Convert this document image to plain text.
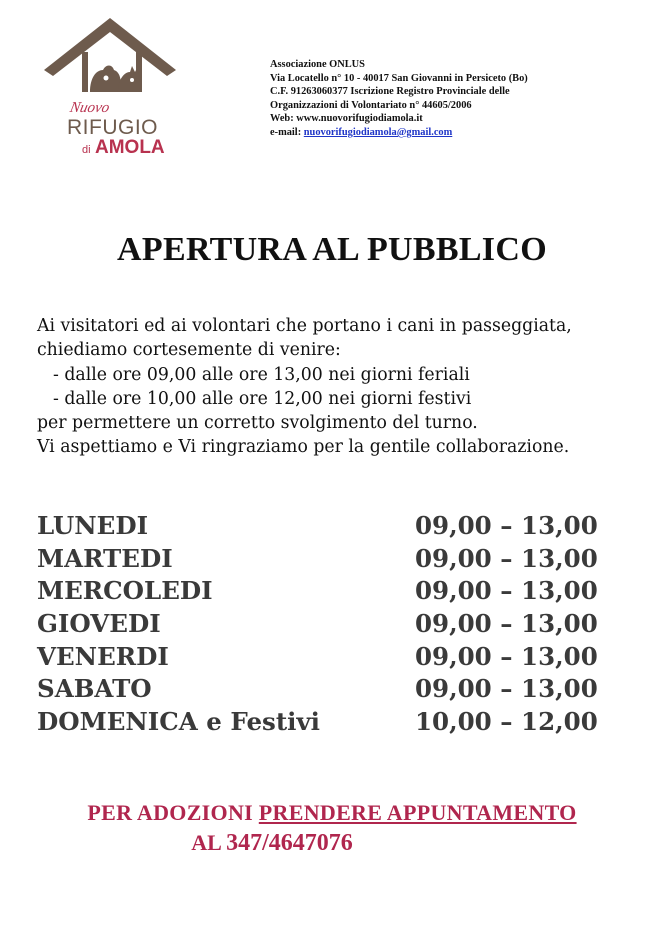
Nuovo
RIFUGIO
di AMOLA
Associazione ONLUS
Via Locatello n° 10 - 40017 San Giovanni in Persiceto (Bo)
C.F. 91263060377 Iscrizione Registro Provinciale delle
Organizzazioni di Volontariato n° 44605/2006
Web: www.nuovorifugiodiamola.it
e-mail: nuovorifugiodiamola@gmail.com
APERTURA AL PUBBLICO
Ai visitatori ed ai volontari che portano i cani in passeggiata,
chiediamo cortesemente di venire:
- dalle ore 09,00 alle ore 13,00 nei giorni feriali
- dalle ore 10,00 alle ore 12,00 nei giorni festivi
per permettere un corretto svolgimento del turno.
Vi aspettiamo e Vi ringraziamo per la gentile collaborazione.
LUNEDI	09,00 – 13,00
MARTEDI	09,00 – 13,00
MERCOLEDI	09,00 – 13,00
GIOVEDI	09,00 – 13,00
VENERDI	09,00 – 13,00
SABATO	09,00 – 13,00
DOMENICA e Festivi	10,00 – 12,00
PER ADOZIONI PRENDERE APPUNTAMENTO
AL 347/4647076
